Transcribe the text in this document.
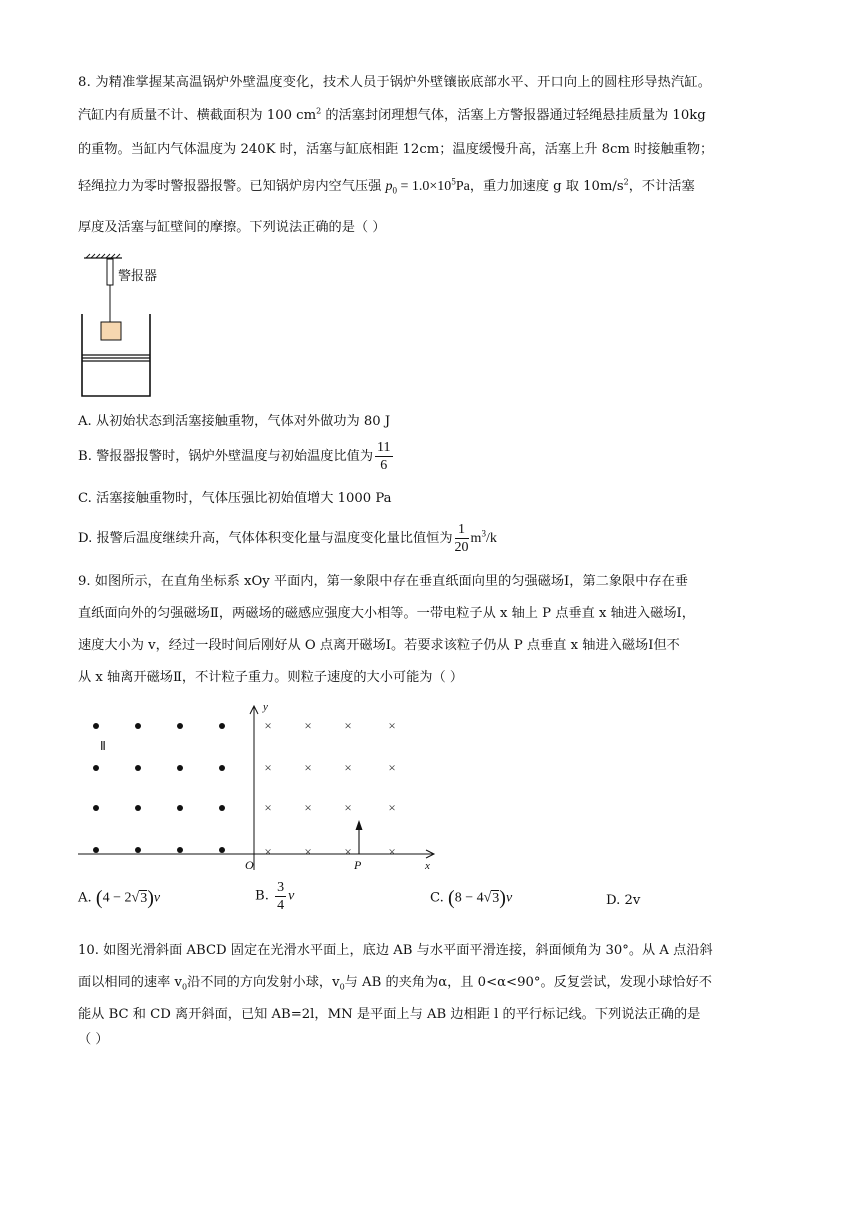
8. 为精准掌握某高温锅炉外壁温度变化，技术人员于锅炉外壁镶嵌底部水平、开口向上的圆柱形导热汽缸。
汽缸内有质量不计、横截面积为 100 $cm^2$ 的活塞封闭理想气体，活塞上方警报器通过轻绳悬挂质量为 10kg
的重物。当缸内气体温度为 240K 时，活塞与缸底相距 12cm；温度缓慢升高，活塞上升 8cm 时接触重物；
轻绳拉力为零时警报器报警。已知锅炉房内空气压强 $p_0 = 1.0\times 10^5Pa$，重力加速度 g 取 $10m/s^2$，不计活塞
厚度及活塞与缸壁间的摩擦。下列说法正确的是（ ）
警报器
A. 从初始状态到活塞接触重物，气体对外做功为 80 J
B. 警报器报警时，锅炉外壁温度与初始温度比值为 $\frac{11}{6}$
C. 活塞接触重物时，气体压强比初始值增大 1000 Pa
D. 报警后温度继续升高，气体体积变化量与温度变化量比值恒为 $\frac{1}{20} m^3/k$
9. 如图所示，在直角坐标系 xOy 平面内，第一象限中存在垂直纸面向里的匀强磁场Ⅰ，第二象限中存在垂
直纸面向外的匀强磁场Ⅱ，两磁场的磁感应强度大小相等。一带电粒子从 x 轴上 P 点垂直 x 轴进入磁场Ⅰ，
速度大小为 v，经过一段时间后刚好从 O 点离开磁场Ⅰ。若要求该粒子仍从 P 点垂直 x 轴进入磁场Ⅰ但不
从 x 轴离开磁场Ⅱ，不计粒子重力。则粒子速度的大小可能为（ ）
×	×	×	×
×	×	×	×
×	×	×	×
×	×	×	×
Ⅱ
y
x
O	P
A. (4 − 2√3)v	B. $\frac{3}{4}$ v	C. (8 − 4√3)v	D. 2v
10. 如图光滑斜面 ABCD 固定在光滑水平面上，底边 AB 与水平面平滑连接，斜面倾角为 30°。从 A 点沿斜
面以相同的速率 $v_0$沿不同的方向发射小球，$v_0$与 AB 的夹角为α，且 0<α<90°。反复尝试，发现小球恰好不
能从 BC 和 CD 离开斜面，已知 AB=2l，MN 是平面上与 AB 边相距 l 的平行标记线。下列说法正确的是
（ ）
